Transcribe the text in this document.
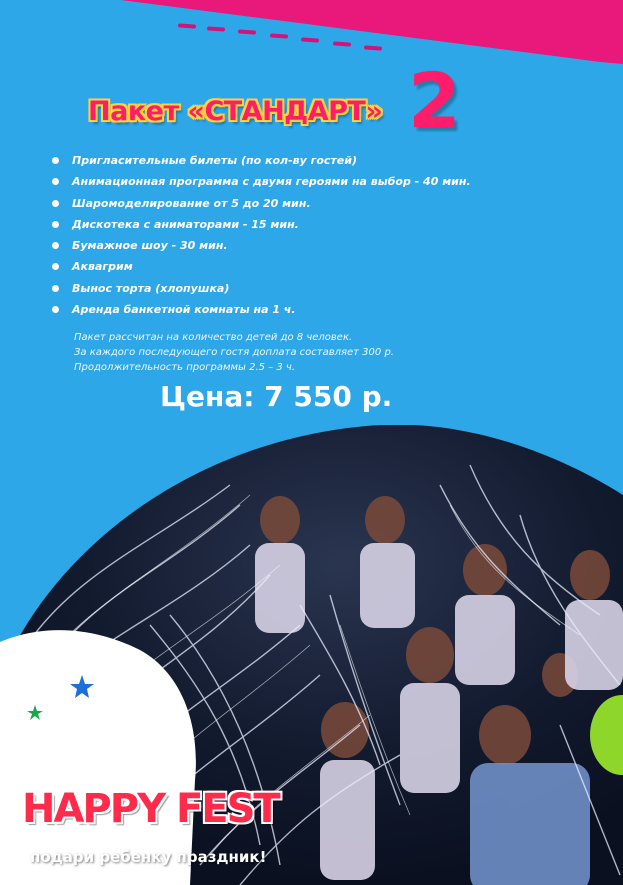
Пакет «СТАНДАРТ» 2
Пригласительные билеты (по кол-ву гостей)
Анимационная программа с двумя героями на выбор - 40 мин.
Шаромоделирование от 5 до 20 мин.
Дискотека с аниматорами - 15 мин.
Бумажное шоу - 30 мин.
Аквагрим
Вынос торта (хлопушка)
Аренда банкетной комнаты на 1 ч.
Пакет рассчитан на количество детей до 8 человек.
За каждого последующего гостя доплата составляет 300 р.
Продолжительность программы 2.5 – 3 ч.
Цена: 7 550 р.
HAPPY FEST
подари ребенку праздник!
